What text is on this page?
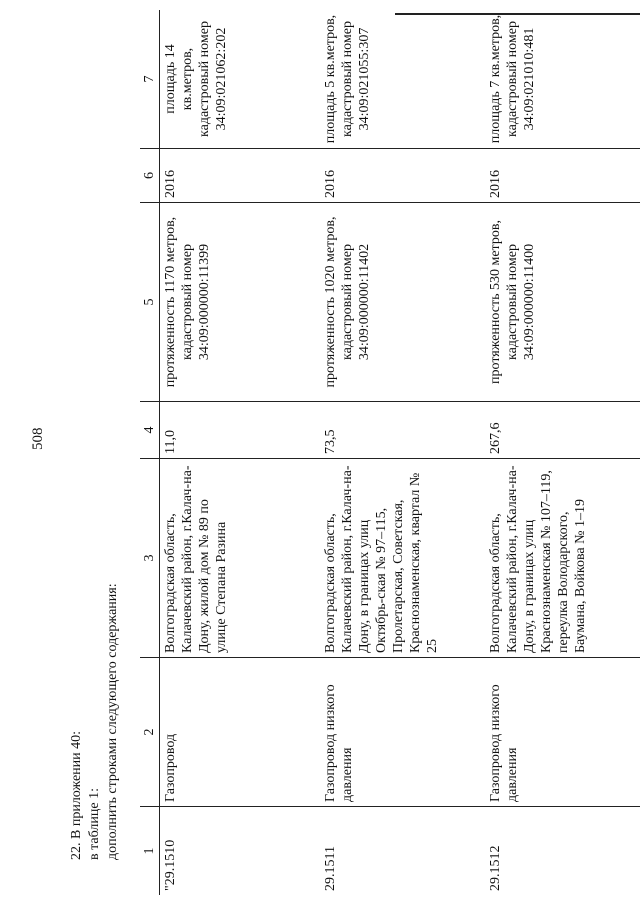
508
22. В приложении 40: в таблице 1: дополнить строками следующего содержания: 1	2	3	4	5	6	7
"29.1510	Газопровод	Волгоградская область, Калачевский район, г.Калач-на-Дону, жилой дом № 89 по улице Степана Разина	11,0	протяженность 1170 метров, кадастровый номер 34:09:000000:11399	2016	площадь 14 кв.метров, кадастровый номер 34:09:021062:202
29.1511	Газопровод низкого давления	Волгоградская область, Калачевский район, г.Калач-на-Дону, в границах улиц Октябрь-ская № 97–115, Пролетарская, Советская, Краснознаменская, квартал № 25	73,5	протяженность 1020 метров, кадастровый номер 34:09:000000:11402	2016	площадь 5 кв.метров, кадастровый номер 34:09:021055:307
29.1512	Газопровод низкого давления	Волгоградская область, Калачевский район, г.Калач-на-Дону, в границах улиц Краснознаменская № 107–119, переулка Володарского, Баумана, Войкова № 1–19	267,6	протяженность 530 метров, кадастровый номер 34:09:000000:11400	2016	площадь 7 кв.метров, кадастровый номер 34:09:021010:481
